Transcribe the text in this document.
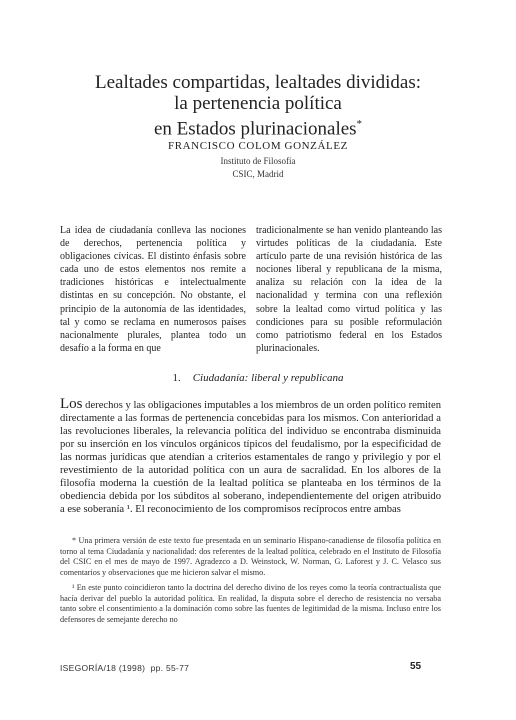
Lealtades compartidas, lealtades divididas:
la pertenencia política
en Estados plurinacionales*
FRANCISCO COLOM GONZÁLEZ
Instituto de Filosofía
CSIC, Madrid
La idea de ciudadanía conlleva las nociones de derechos, pertenencia política y obligaciones cívicas. El distinto énfasis sobre cada uno de estos elementos nos remite a tradiciones históricas e intelectualmente distintas en su concepción. No obstante, el principio de la autonomía de las identidades, tal y como se reclama en numerosos países nacionalmente plurales, plantea todo un desafío a la forma en que
tradicionalmente se han venido planteando las virtudes políticas de la ciudadanía. Este artículo parte de una revisión histórica de las nociones liberal y republicana de la misma, analiza su relación con la idea de la nacionalidad y termina con una reflexión sobre la lealtad como virtud política y las condiciones para su posible reformulación como patriotismo federal en los Estados plurinacionales.
1. Ciudadanía: liberal y republicana
Los derechos y las obligaciones imputables a los miembros de un orden político remiten directamente a las formas de pertenencia concebidas para los mismos. Con anterioridad a las revoluciones liberales, la relevancia política del individuo se encontraba disminuida por su inserción en los vínculos orgánicos típicos del feudalismo, por la especificidad de las normas jurídicas que atendían a criterios estamentales de rango y privilegio y por el revestimiento de la autoridad política con un aura de sacralidad. En los albores de la filosofía moderna la cuestión de la lealtad política se planteaba en los términos de la obediencia debida por los súbditos al soberano, independientemente del origen atribuido a ese soberanía ¹. El reconocimiento de los compromisos recíprocos entre ambas

* Una primera versión de este texto fue presentada en un seminario Hispano-canadiense de filosofía política en torno al tema Ciudadanía y nacionalidad: dos referentes de la lealtad política, celebrado en el Instituto de Filosofía del CSIC en el mes de mayo de 1997. Agradezco a D. Weinstock, W. Norman, G. Laforest y J. C. Velasco sus comentarios y observaciones que me hicieron salvar el mismo.

¹ En este punto coincidieron tanto la doctrina del derecho divino de los reyes como la teoría contractualista que hacía derivar del pueblo la autoridad política. En realidad, la disputa sobre el derecho de resistencia no versaba tanto sobre el consentimiento a la dominación como sobre las fuentes de legitimidad de la misma. Incluso entre los defensores de semejante derecho no

ISEGORÍA/18 (1998) pp. 55-77	55
